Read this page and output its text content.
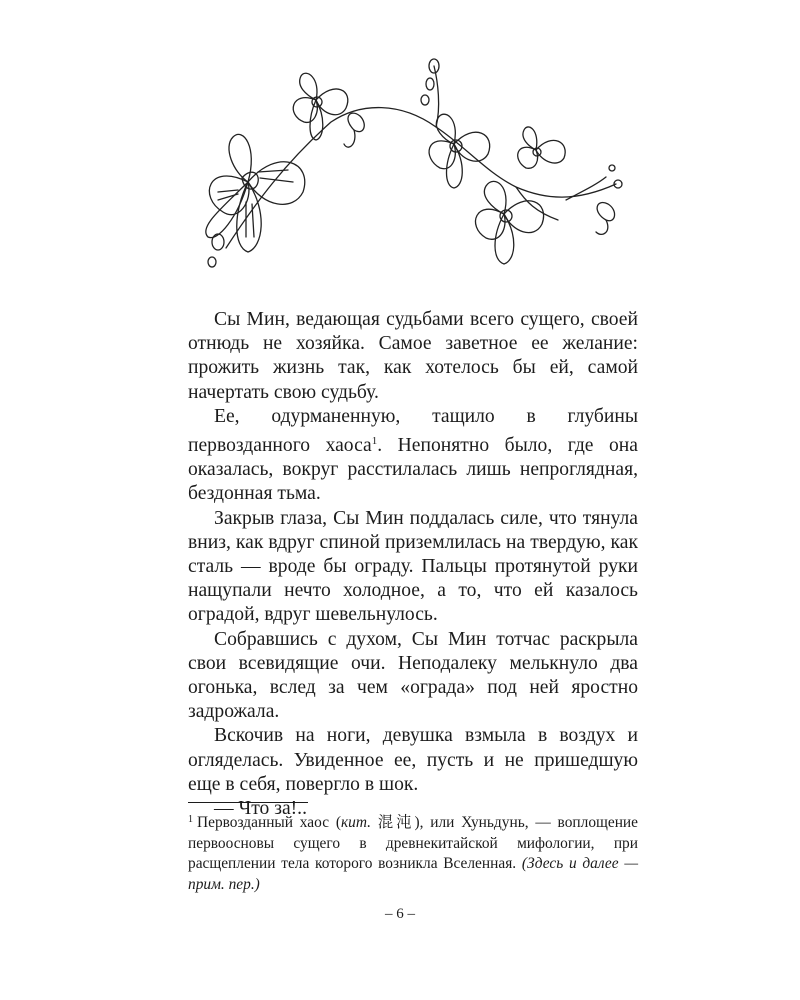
Сы Мин, ведающая судьбами всего сущего, своей отнюдь не хозяйка. Самое заветное ее желание: прожить жизнь так, как хотелось бы ей, самой начертать свою судьбу.

Ее, одурманенную, тащило в глубины первозданного хаоса$^1$. Непонятно было, где она оказалась, вокруг расстилалась лишь непроглядная, бездонная тьма.

Закрыв глаза, Сы Мин поддалась силе, что тянула вниз, как вдруг спиной приземлилась на твердую, как сталь — вроде бы ограду. Пальцы протянутой руки нащупали нечто холодное, а то, что ей казалось оградой, вдруг шевельнулось.

Собравшись с духом, Сы Мин тотчас раскрыла свои всевидящие очи. Неподалеку мелькнуло два огонька, вслед за чем «ограда» под ней яростно задрожала.

Вскочив на ноги, девушка взмыла в воздух и огляделась. Увиденное ее, пусть и не пришедшую еще в себя, повергло в шок.

— Что за!..

$^1$ Первозданный хаос (кит. 混沌), или Хуньдунь, — воплощение первоосновы сущего в древнекитайской мифологии, при расщеплении тела которого возникла Вселенная. (Здесь и далее — прим. пер.)
– 6 –
